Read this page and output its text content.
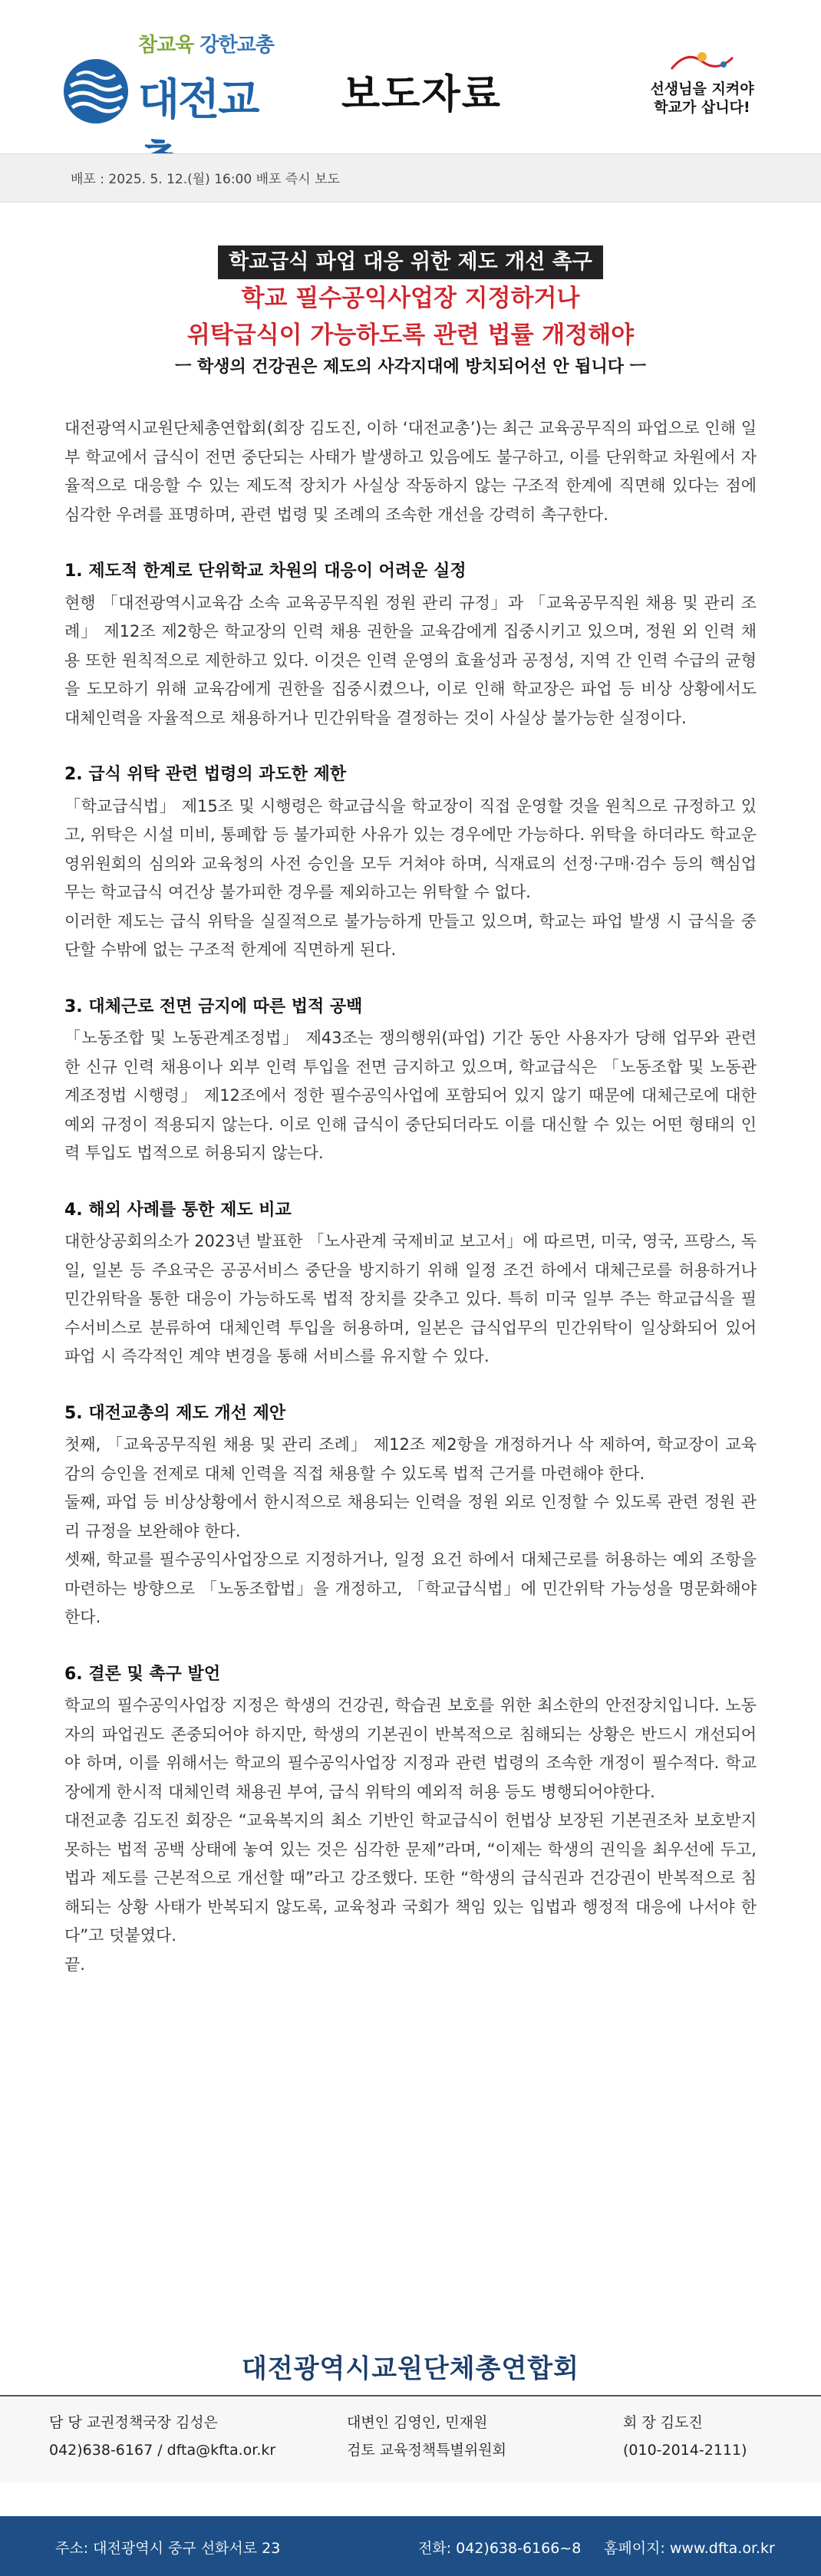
참교육 강한교총
대전교	보도자료	선생님을 지켜야
학교가 삽니다!
배포 : 2025. 5. 12.(월) 16:00 배포 즉시 보도
학교급식 파업 대응 위한 제도 개선 촉구
학교 필수공익사업장 지정하거나
위탁급식이 가능하도록 관련 법률 개정해야
ㅡ 학생의 건강권은 제도의 사각지대에 방치되어선 안 됩니다 ㅡ

대전광역시교원단체총연합회(회장 김도진, 이하 ‘대전교총’)는 최근 교육공무직의 파업으로 인해 일부 학교에서 급식이 전면 중단되는 사태가 발생하고 있음에도 불구하고, 이를 단위학교 차원에서 자율적으로 대응할 수 있는 제도적 장치가 사실상 작동하지 않는 구조적 한계에 직면해 있다는 점에 심각한 우려를 표명하며, 관련 법령 및 조례의 조속한 개선을 강력히 촉구한다.

1. 제도적 한계로 단위학교 차원의 대응이 어려운 실정

현행 「대전광역시교육감 소속 교육공무직원 정원 관리 규정」과 「교육공무직원 채용 및 관리 조례」 제12조 제2항은 학교장의 인력 채용 권한을 교육감에게 집중시키고 있으며, 정원 외 인력 채용 또한 원칙적으로 제한하고 있다. 이것은 인력 운영의 효율성과 공정성, 지역 간 인력 수급의 균형을 도모하기 위해 교육감에게 권한을 집중시켰으나, 이로 인해 학교장은 파업 등 비상 상황에서도 대체인력을 자율적으로 채용하거나 민간위탁을 결정하는 것이 사실상 불가능한 실정이다.

2. 급식 위탁 관련 법령의 과도한 제한

「학교급식법」 제15조 및 시행령은 학교급식을 학교장이 직접 운영할 것을 원칙으로 규정하고 있고, 위탁은 시설 미비, 통폐합 등 불가피한 사유가 있는 경우에만 가능하다. 위탁을 하더라도 학교운영위원회의 심의와 교육청의 사전 승인을 모두 거쳐야 하며, 식재료의 선정·구매·검수 등의 핵심업무는 학교급식 여건상 불가피한 경우를 제외하고는 위탁할 수 없다.

이러한 제도는 급식 위탁을 실질적으로 불가능하게 만들고 있으며, 학교는 파업 발생 시 급식을 중단할 수밖에 없는 구조적 한계에 직면하게 된다.

3. 대체근로 전면 금지에 따른 법적 공백

「노동조합 및 노동관계조정법」 제43조는 쟁의행위(파업) 기간 동안 사용자가 당해 업무와 관련한 신규 인력 채용이나 외부 인력 투입을 전면 금지하고 있으며, 학교급식은 「노동조합 및 노동관계조정법 시행령」 제12조에서 정한 필수공익사업에 포함되어 있지 않기 때문에 대체근로에 대한 예외 규정이 적용되지 않는다. 이로 인해 급식이 중단되더라도 이를 대신할 수 있는 어떤 형태의 인력 투입도 법적으로 허용되지 않는다.

4. 해외 사례를 통한 제도 비교

대한상공회의소가 2023년 발표한 「노사관계 국제비교 보고서」에 따르면, 미국, 영국, 프랑스, 독일, 일본 등 주요국은 공공서비스 중단을 방지하기 위해 일정 조건 하에서 대체근로를 허용하거나 민간위탁을 통한 대응이 가능하도록 법적 장치를 갖추고 있다. 특히 미국 일부 주는 학교급식을 필수서비스로 분류하여 대체인력 투입을 허용하며, 일본은 급식업무의 민간위탁이 일상화되어 있어 파업 시 즉각적인 계약 변경을 통해 서비스를 유지할 수 있다.

5. 대전교총의 제도 개선 제안

첫째, 「교육공무직원 채용 및 관리 조례」 제12조 제2항을 개정하거나 삭 제하여, 학교장이 교육감의 승인을 전제로 대체 인력을 직접 채용할 수 있도록 법적 근거를 마련해야 한다.

둘째, 파업 등 비상상황에서 한시적으로 채용되는 인력을 정원 외로 인정할 수 있도록 관련 정원 관리 규정을 보완해야 한다.

셋째, 학교를 필수공익사업장으로 지정하거나, 일정 요건 하에서 대체근로를 허용하는 예외 조항을 마련하는 방향으로 「노동조합법」을 개정하고, 「학교급식법」에 민간위탁 가능성을 명문화해야 한다.

6. 결론 및 촉구 발언

학교의 필수공익사업장 지정은 학생의 건강권, 학습권 보호를 위한 최소한의 안전장치입니다. 노동자의 파업권도 존중되어야 하지만, 학생의 기본권이 반복적으로 침해되는 상황은 반드시 개선되어야 하며, 이를 위해서는 학교의 필수공익사업장 지정과 관련 법령의 조속한 개정이 필수적다. 학교장에게 한시적 대체인력 채용권 부여, 급식 위탁의 예외적 허용 등도 병행되어야한다.

대전교총 김도진 회장은 “교육복지의 최소 기반인 학교급식이 헌법상 보장된 기본권조차 보호받지 못하는 법적 공백 상태에 놓여 있는 것은 심각한 문제”라며, “이제는 학생의 권익을 최우선에 두고, 법과 제도를 근본적으로 개선할 때”라고 강조했다. 또한 “학생의 급식권과 건강권이 반복적으로 침해되는 상황 사태가 반복되지 않도록, 교육청과 국회가 책임 있는 입법과 행정적 대응에 나서야 한다”고 덧붙였다.

끝.

대전광역시교원단체총연합회
담 당 교권정책국장 김성은
042)638-6167 / dfta@kfta.or.kr
대변인 김영인, 민재원
검토 교육정책특별위원회
회 장 김도진
(010-2014-2111)
주소: 대전광역시 중구 선화서로 23	전화: 042)638-6166~8 홈페이지: www.dfta.or.kr
